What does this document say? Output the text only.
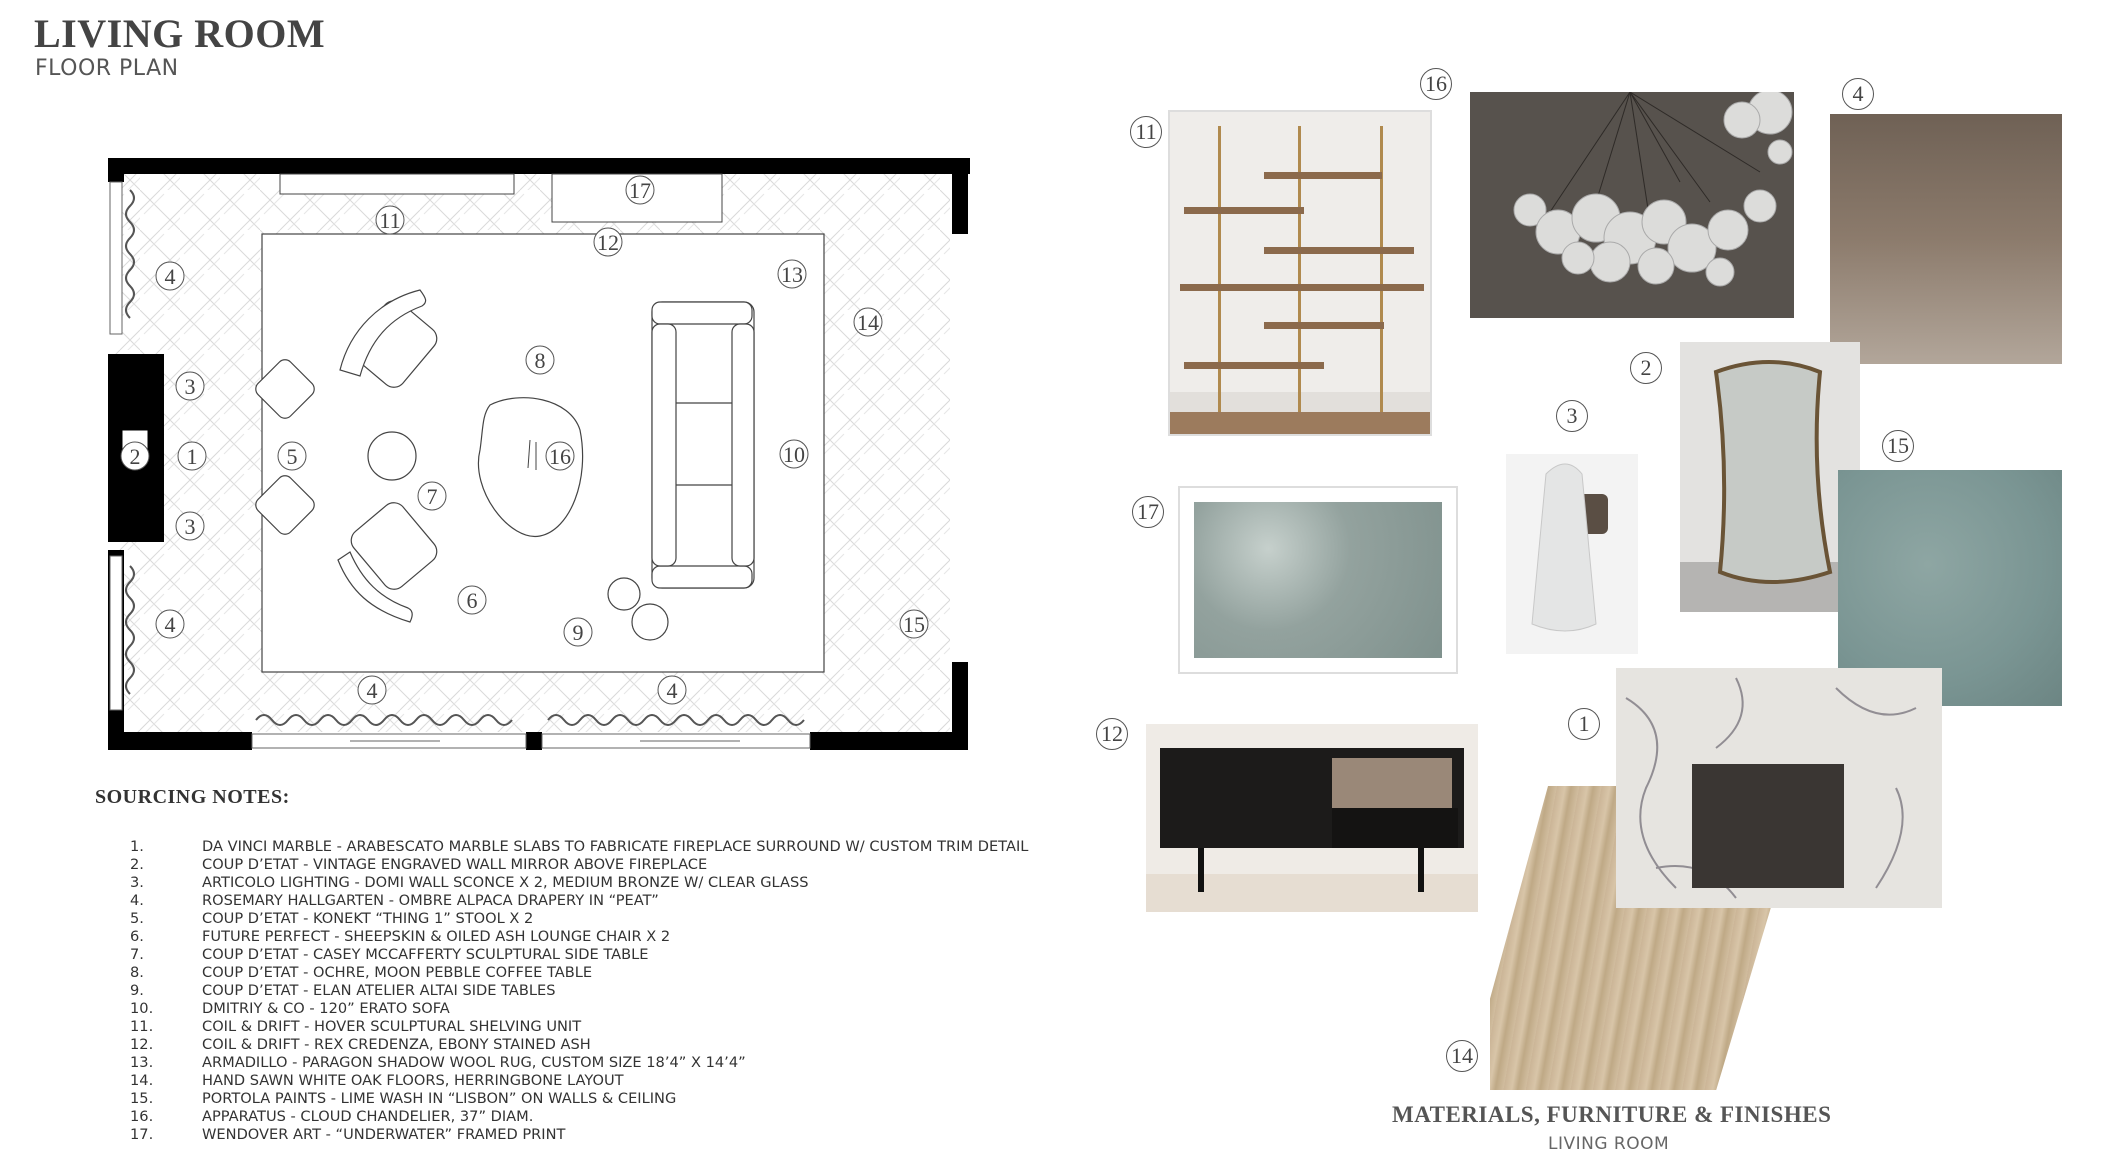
LIVING ROOM
FLOOR PLAN
4
4
3
3
1
2	5
6
7
8
9
10
11
12
13
14
15
16
17
4	4
SOURCING NOTES:
1.	DA VINCI MARBLE - ARABESCATO MARBLE SLABS TO FABRICATE FIREPLACE SURROUND W/ CUSTOM TRIM DETAIL
2.	COUP D’ETAT - VINTAGE ENGRAVED WALL MIRROR ABOVE FIREPLACE
3.	ARTICOLO LIGHTING - DOMI WALL SCONCE X 2, MEDIUM BRONZE W/ CLEAR GLASS
4.	ROSEMARY HALLGARTEN - OMBRE ALPACA DRAPERY IN “PEAT”
5.	COUP D’ETAT - KONEKT “THING 1” STOOL X 2
6.	FUTURE PERFECT - SHEEPSKIN & OILED ASH LOUNGE CHAIR X 2
7.	COUP D’ETAT - CASEY MCCAFFERTY SCULPTURAL SIDE TABLE
8.	COUP D’ETAT - OCHRE, MOON PEBBLE COFFEE TABLE
9.	COUP D’ETAT - ELAN ATELIER ALTAI SIDE TABLES
10.	DMITRIY & CO - 120” ERATO SOFA
11.	COIL & DRIFT - HOVER SCULPTURAL SHELVING UNIT
12.	COIL & DRIFT - REX CREDENZA, EBONY STAINED ASH
13.	ARMADILLO - PARAGON SHADOW WOOL RUG, CUSTOM SIZE 18’4” X 14’4”
14.	HAND SAWN WHITE OAK FLOORS, HERRINGBONE LAYOUT
15.	PORTOLA PAINTS - LIME WASH IN “LISBON” ON WALLS & CEILING
16.	APPARATUS - CLOUD CHANDELIER, 37” DIAM.
17.	WENDOVER ART - “UNDERWATER” FRAMED PRINT
11
16	4
2
3
15
17
12
14
1
MATERIALS, FURNITURE & FINISHES
LIVING ROOM
